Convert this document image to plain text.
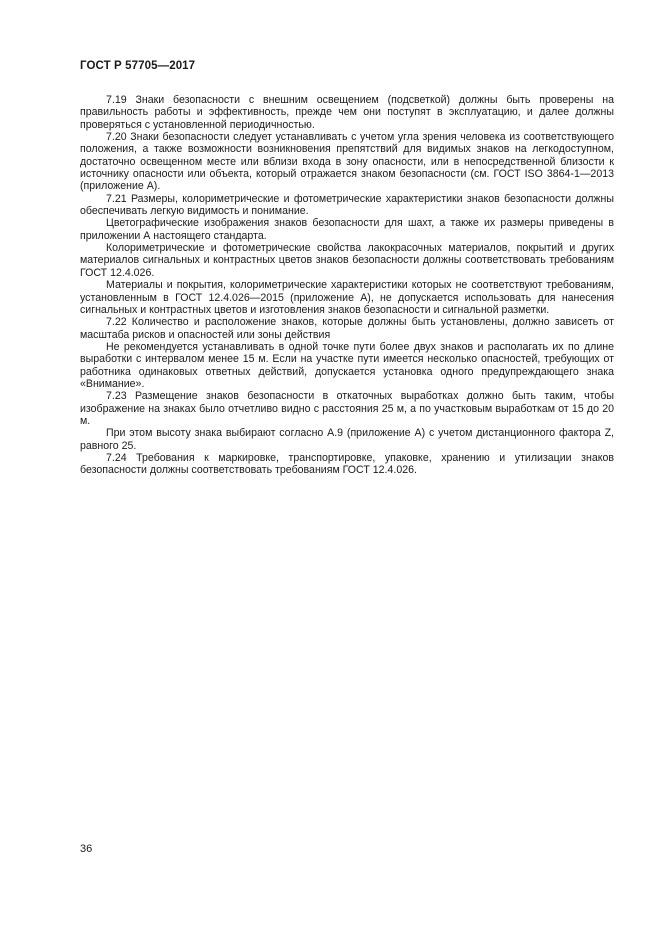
ГОСТ Р 57705—2017

7.19 Знаки безопасности с внешним освещением (подсветкой) должны быть проверены на правильность работы и эффективность, прежде чем они поступят в эксплуатацию, и далее должны проверяться с установленной периодичностью.

7.20 Знаки безопасности следует устанавливать с учетом угла зрения человека из соответствующего положения, а также возможности возникновения препятствий для видимых знаков на легкодоступном, достаточно освещенном месте или вблизи входа в зону опасности, или в непосредственной близости к источнику опасности или объекта, который отражается знаком безопасности (см. ГОСТ ISO 3864-1—2013 (приложение А).

7.21 Размеры, колориметрические и фотометрические характеристики знаков безопасности должны обеспечивать легкую видимость и понимание.

Цветографические изображения знаков безопасности для шахт, а также их размеры приведены в приложении А настоящего стандарта.

Колориметрические и фотометрические свойства лакокрасочных материалов, покрытий и других материалов сигнальных и контрастных цветов знаков безопасности должны соответствовать требованиям ГОСТ 12.4.026.

Материалы и покрытия, колориметрические характеристики которых не соответствуют требованиям, установленным в ГОСТ 12.4.026—2015 (приложение А), не допускается использовать для нанесения сигнальных и контрастных цветов и изготовления знаков безопасности и сигнальной разметки.

7.22 Количество и расположение знаков, которые должны быть установлены, должно зависеть от масштаба рисков и опасностей или зоны действия

Не рекомендуется устанавливать в одной точке пути более двух знаков и располагать их по длине выработки с интервалом менее 15 м. Если на участке пути имеется несколько опасностей, требующих от работника одинаковых ответных действий, допускается установка одного предупреждающего знака «Внимание».

7.23 Размещение знаков безопасности в откаточных выработках должно быть таким, чтобы изображение на знаках было отчетливо видно с расстояния 25 м, а по участковым выработкам от 15 до 20 м.

При этом высоту знака выбирают согласно А.9 (приложение А) с учетом дистанционного фактора Z, равного 25.

7.24 Требования к маркировке, транспортировке, упаковке, хранению и утилизации знаков безопасности должны соответствовать требованиям ГОСТ 12.4.026.

36
